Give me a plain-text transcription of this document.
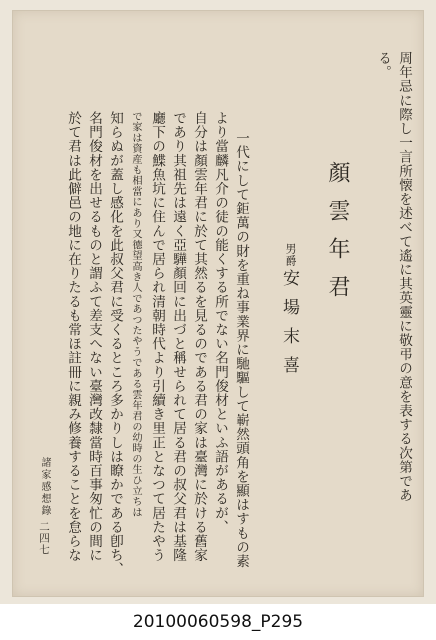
周年忌に際し一言所懐を述べて遙に其英靈に敬弔の意を表する次第であ
る。
顏雲年君
男爵
安場末喜
一代にして鉅萬の財を重ね事業界に馳驅して嶄然頭角を顯はすもの素
より當麟凡介の徒の能くする所でない名門俊材といふ語があるが、
自分は顏雲年君に於て其然るを見るのである君の家は臺灣に於ける舊家
であり其祖先は遠く亞驊顏回に出づと稱せられて居る君の叔父君は基隆
廳下の鰈魚坑に住んで居られ清朝時代より引續き里正となつて居たやう
で家は資産も相當にあり又德望高き人であつたやうである雲年君の幼時の生ひ立ちは
知らぬが蓋し感化を此叔父君に受くるところ多かりしは瞭かである卽ち、
名門俊材を出せるものと謂ふて差支へない臺灣改隸當時百事匆忙の間に
於て君は此僻邑の地に在りたるも常ほ註冊に親み修養することを怠らな
諸家感想錄
二四七
20100060598_P295
